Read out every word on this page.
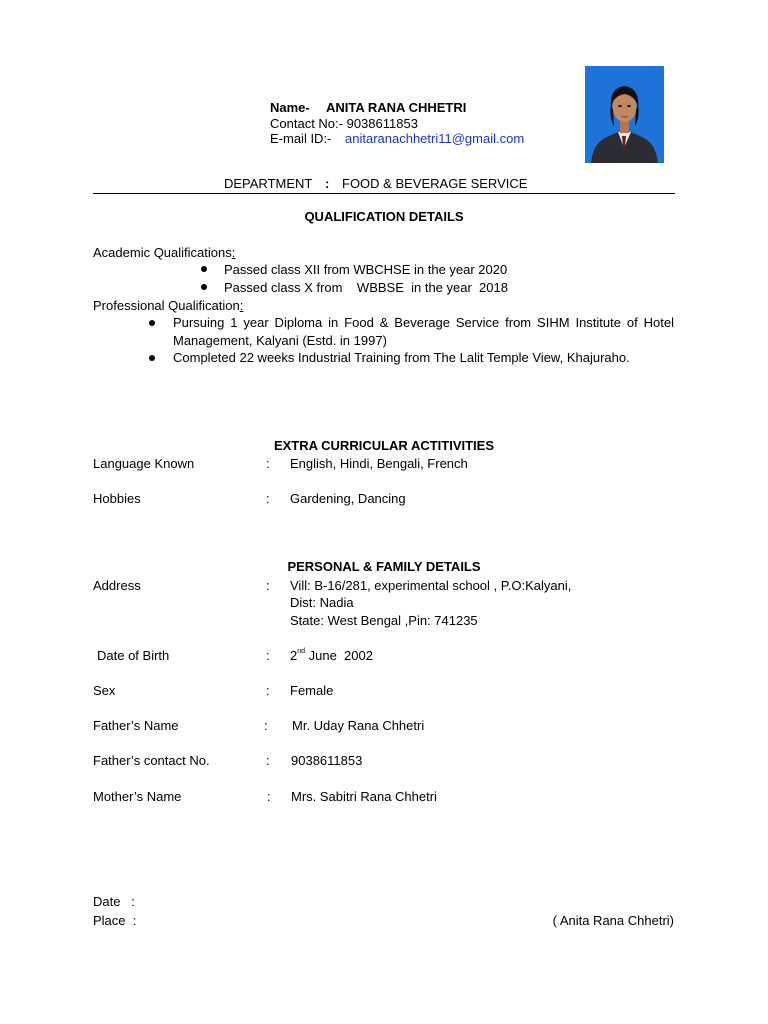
Name- ANITA RANA CHHETRI
Contact No:- 9038611853
E-mail ID:- anitaranachhetri11@gmail.com
DEPARTMENT : FOOD & BEVERAGE SERVICE
QUALIFICATION DETAILS
Academic Qualifications:
Passed class XII from WBCHSE in the year 2020
Passed class X from    WBBSE  in the year  2018
Professional Qualification:
Pursuing 1 year Diploma in Food & Beverage Service from SIHM Institute of Hotel Management, Kalyani (Estd. in 1997)
Completed 22 weeks Industrial Training from The Lalit Temple View, Khajuraho.
EXTRA CURRICULAR ACTITIVITIES
Language Known	: English, Hindi, Bengali, French
Hobbies	: Gardening, Dancing
PERSONAL & FAMILY DETAILS
Address	: Vill: B-16/281, experimental school , P.O:Kalyani,
Dist: Nadia
State: West Bengal ,Pin: 741235
Date of Birth	: 2nd June  2002
Sex	: Female
Father’s Name	: Mr. Uday Rana Chhetri
Father’s contact No.	: 9038611853
Mother’s Name	: Mrs. Sabitri Rana Chhetri
Date   :
Place  :	( Anita Rana Chhetri)
